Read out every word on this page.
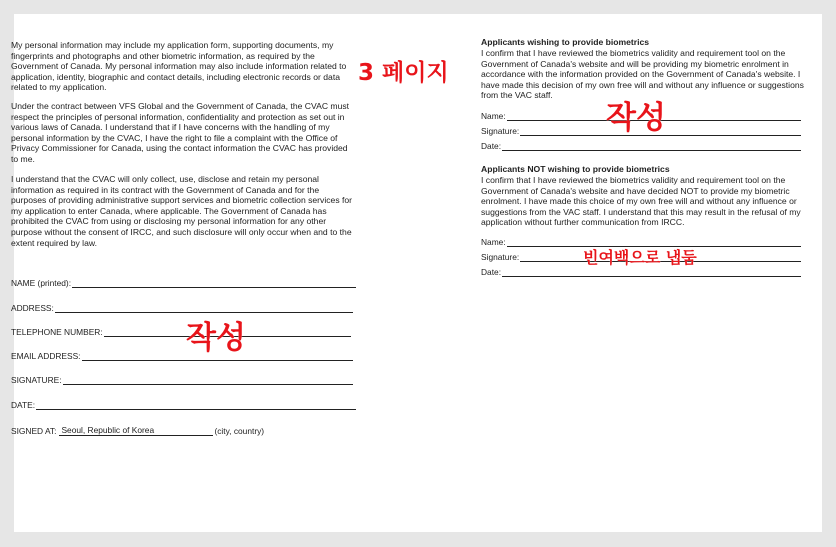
My personal information may include my application form, supporting documents, my fingerprints and photographs and other biometric information, as required by the Government of Canada. My personal information may also include information related to application, identity, biographic and contact details, including electronic records or data related to my application.
Under the contract between VFS Global and the Government of Canada, the CVAC must respect the principles of personal information, confidentiality and protection as set out in various laws of Canada. I understand that if I have concerns with the handling of my personal information by the CVAC, I have the right to file a complaint with the Office of Privacy Commissioner for Canada, using the contact information the CVAC has provided to me.
I understand that the CVAC will only collect, use, disclose and retain my personal information as required in its contract with the Government of Canada and for the purposes of providing administrative support services and biometric collection services for my application to enter Canada, where applicable. The Government of Canada has prohibited the CVAC from using or disclosing my personal information for any other purpose without the consent of IRCC, and such disclosure will only occur when and to the extent required by law.
NAME (printed):
ADDRESS:
TELEPHONE NUMBER:
EMAIL ADDRESS:
SIGNATURE:
DATE:
SIGNED AT: Seoul, Republic of Korea	(city, country)
Applicants wishing to provide biometrics
I confirm that I have reviewed the biometrics validity and requirement tool on the Government of Canada's website and will be providing my biometric enrolment in accordance with the information provided on the Government of Canada's website. I have made this decision of my own free will and without any influence or suggestions from the VAC staff.
Name:
Signature:
Date:
Applicants NOT wishing to provide biometrics
I confirm that I have reviewed the biometrics validity and requirement tool on the Government of Canada's website and have decided NOT to provide my biometric enrolment. I have made this choice of my own free will and without any influence or suggestions from the VAC staff. I understand that this may result in the refusal of my application without further communication from IRCC.
Name:
Signature:
Date:
3 페이지
작성
작성
빈여백으로 냅둠
